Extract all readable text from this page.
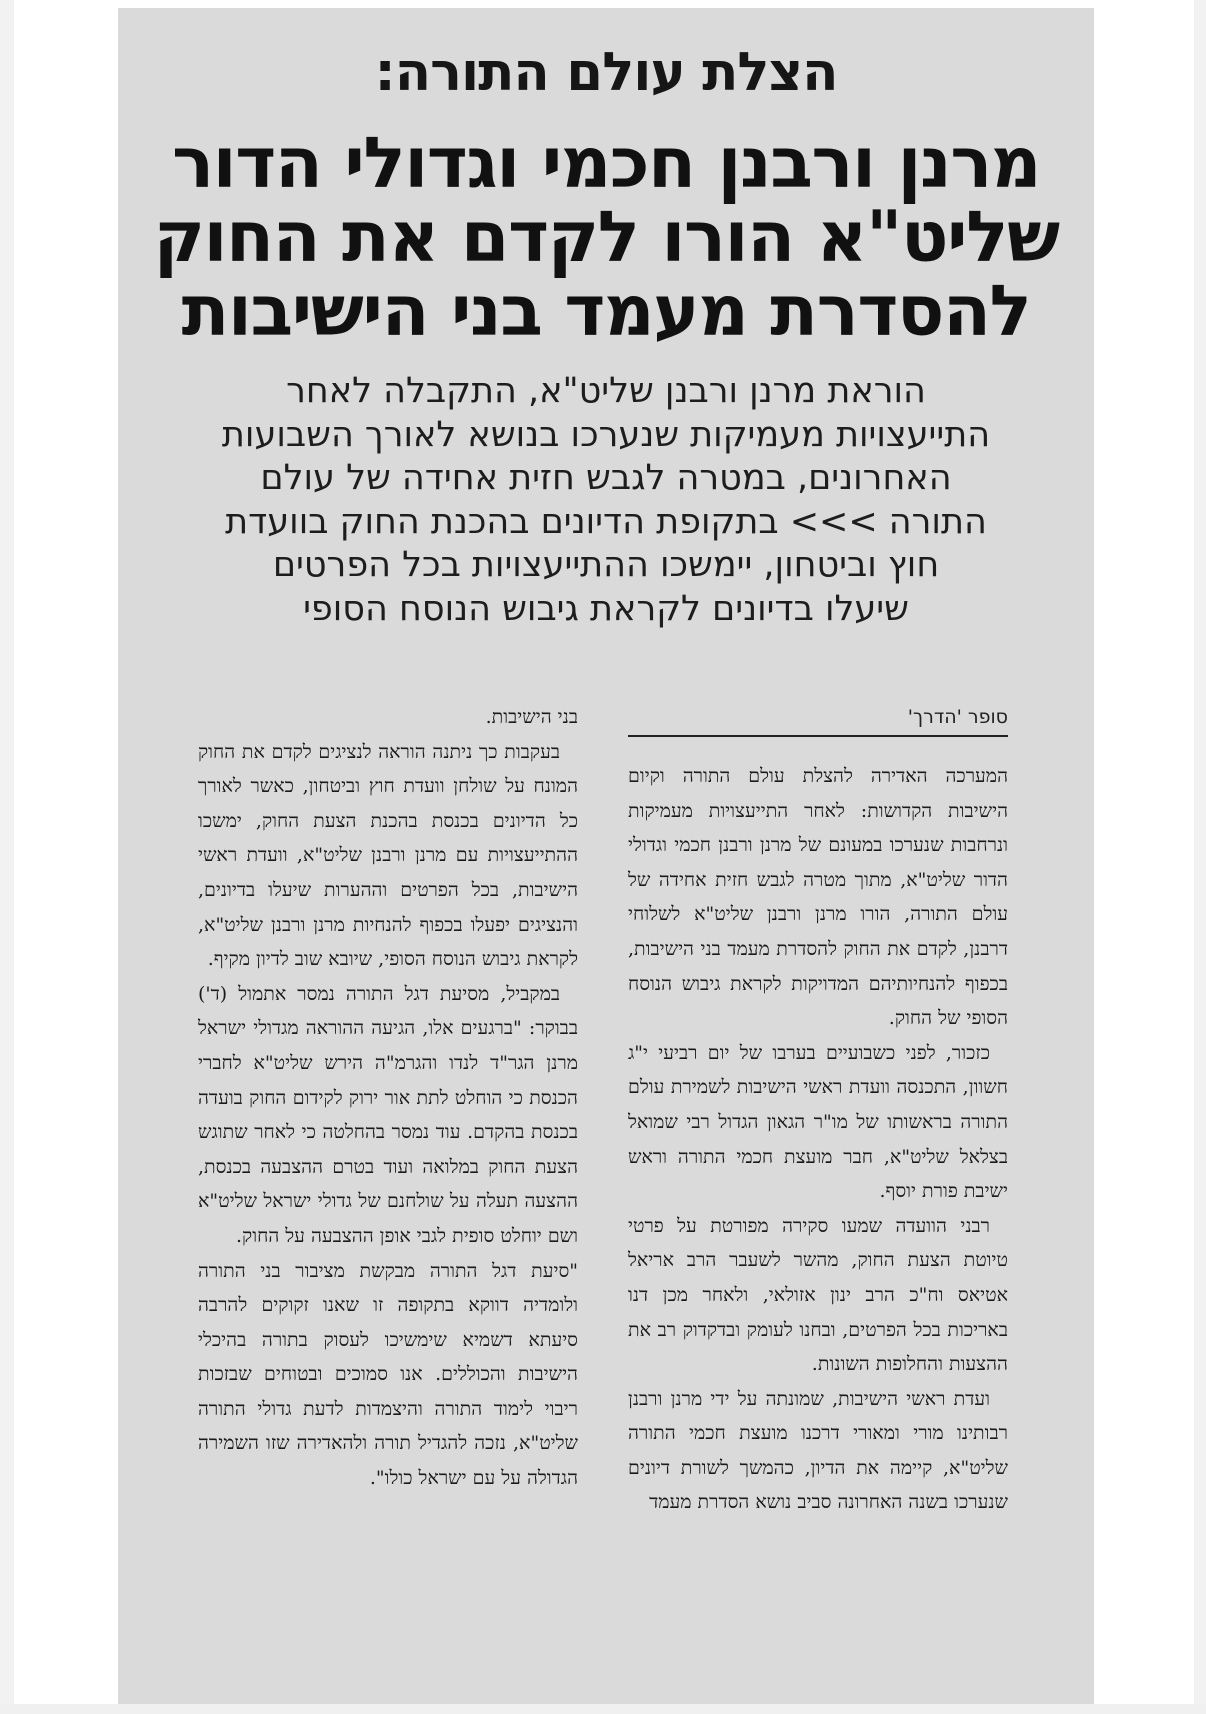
הצלת עולם התורה:
מרנן ורבנן חכמי וגדולי הדור
שליט"א הורו לקדם את החוק
להסדרת מעמד בני הישיבות
הוראת מרנן ורבנן שליט"א, התקבלה לאחר
התייעצויות מעמיקות שנערכו בנושא לאורך השבועות
האחרונים, במטרה לגבש חזית אחידה של עולם
התורה >>> בתקופת הדיונים בהכנת החוק בוועדת
חוץ וביטחון, יימשכו ההתייעצויות בכל הפרטים
שיעלו בדיונים לקראת גיבוש הנוסח הסופי
סופר 'הדרך'

המערכה האדירה להצלת עולם התורה וקיום הישיבות הקדושות: לאחר התייעצויות מעמיקות ונרחבות שנערכו במעונם של מרנן ורבנן חכמי וגדולי הדור שליט"א, מתוך מטרה לגבש חזית אחידה של עולם התורה, הורו מרנן ורבנן שליט"א לשלוחי דרבנן, לקדם את החוק להסדרת מעמד בני הישיבות, בכפוף להנחיותיהם המדויקות לקראת גיבוש הנוסח הסופי של החוק.

כזכור, לפני כשבועיים בערבו של יום רביעי י"ג חשוון, התכנסה וועדת ראשי הישיבות לשמירת עולם התורה בראשותו של מו"ר הגאון הגדול רבי שמואל בצלאל שליט"א, חבר מועצת חכמי התורה וראש ישיבת פורת יוסף.

רבני הוועדה שמעו סקירה מפורטת על פרטי טיוטת הצעת החוק, מהשר לשעבר הרב אריאל אטיאס וח"כ הרב ינון אזולאי, ולאחר מכן דנו באריכות בכל הפרטים, ובחנו לעומק ובדקדוק רב את ההצעות והחלופות השונות.

ועדת ראשי הישיבות, שמונתה על ידי מרנן ורבנן רבותינו מורי ומאורי דרכנו מועצת חכמי התורה שליט"א, קיימה את הדיון, כהמשך לשורת דיונים שנערכו בשנה האחרונה סביב נושא הסדרת מעמד

בני הישיבות.

בעקבות כך ניתנה הוראה לנציגים לקדם את החוק המונח על שולחן וועדת חוץ וביטחון, כאשר לאורך כל הדיונים בכנסת בהכנת הצעת החוק, ימשכו ההתייעצויות עם מרנן ורבנן שליט"א, וועדת ראשי הישיבות, בכל הפרטים וההערות שיעלו בדיונים, והנציגים יפעלו בכפוף להנחיות מרנן ורבנן שליט"א, לקראת גיבוש הנוסח הסופי, שיובא שוב לדיון מקיף.

במקביל, מסיעת דגל התורה נמסר אתמול (ד') בבוקר: "ברגעים אלו, הגיעה ההוראה מגדולי ישראל מרנן הגר"ד לנדו והגרמ"ה הירש שליט"א לחברי הכנסת כי הוחלט לתת אור ירוק לקידום החוק בועדה בכנסת בהקדם. עוד נמסר בהחלטה כי לאחר שתוגש הצעת החוק במלואה ועוד בטרם ההצבעה בכנסת, ההצעה תעלה על שולחנם של גדולי ישראל שליט"א ושם יוחלט סופית לגבי אופן ההצבעה על החוק.

"סיעת דגל התורה מבקשת מציבור בני התורה ולומדיה דווקא בתקופה זו שאנו זקוקים להרבה סיעתא דשמיא שימשיכו לעסוק בתורה בהיכלי הישיבות והכוללים. אנו סמוכים ובטוחים שבזכות ריבוי לימוד התורה והיצמדות לדעת גדולי התורה שליט"א, נזכה להגדיל תורה ולהאדירה שזו השמירה הגדולה על עם ישראל כולו".
